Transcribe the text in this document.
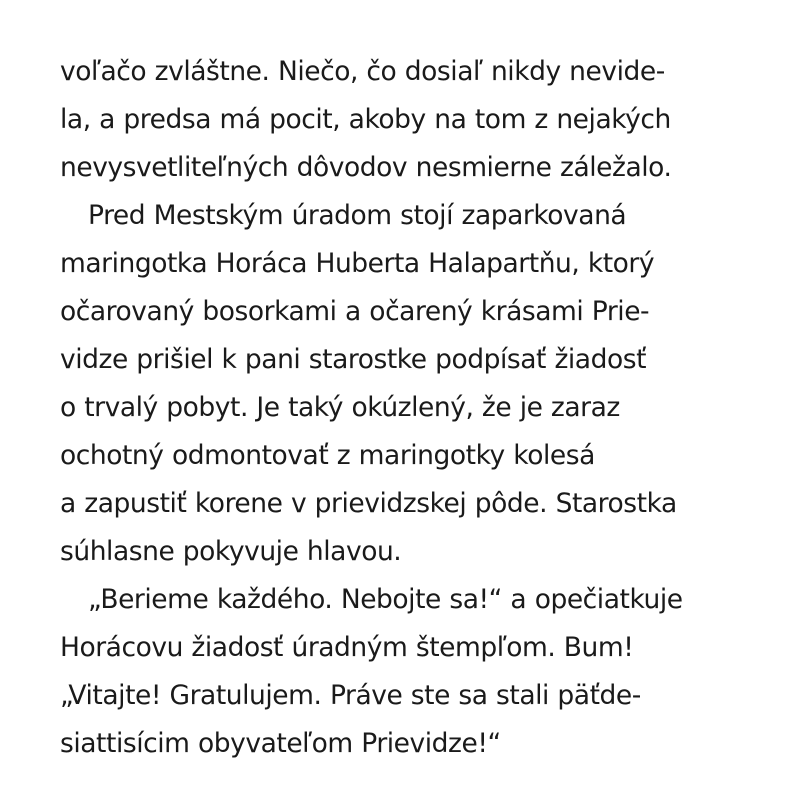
voľačo zvláštne. Niečo, čo dosiaľ nikdy nevide-
la, a predsa má pocit, akoby na tom z nejakých
nevysvetliteľných dôvodov nesmierne záležalo.
Pred Mestským úradom stojí zaparkovaná
maringotka Horáca Huberta Halapartňu, ktorý
očarovaný bosorkami a očarený krásami Prie-
vidze prišiel k pani starostke podpísať žiadosť
o trvalý pobyt. Je taký okúzlený, že je zaraz
ochotný odmontovať z maringotky kolesá
a zapustiť korene v prievidzskej pôde. Starostka
súhlasne pokyvuje hlavou.
„Berieme každého. Nebojte sa!“ a opečiatkuje
Horácovu žiadosť úradným štempľom. Bum!
„Vitajte! Gratulujem. Práve ste sa stali päťde-
siattisícim obyvateľom Prievidze!“
